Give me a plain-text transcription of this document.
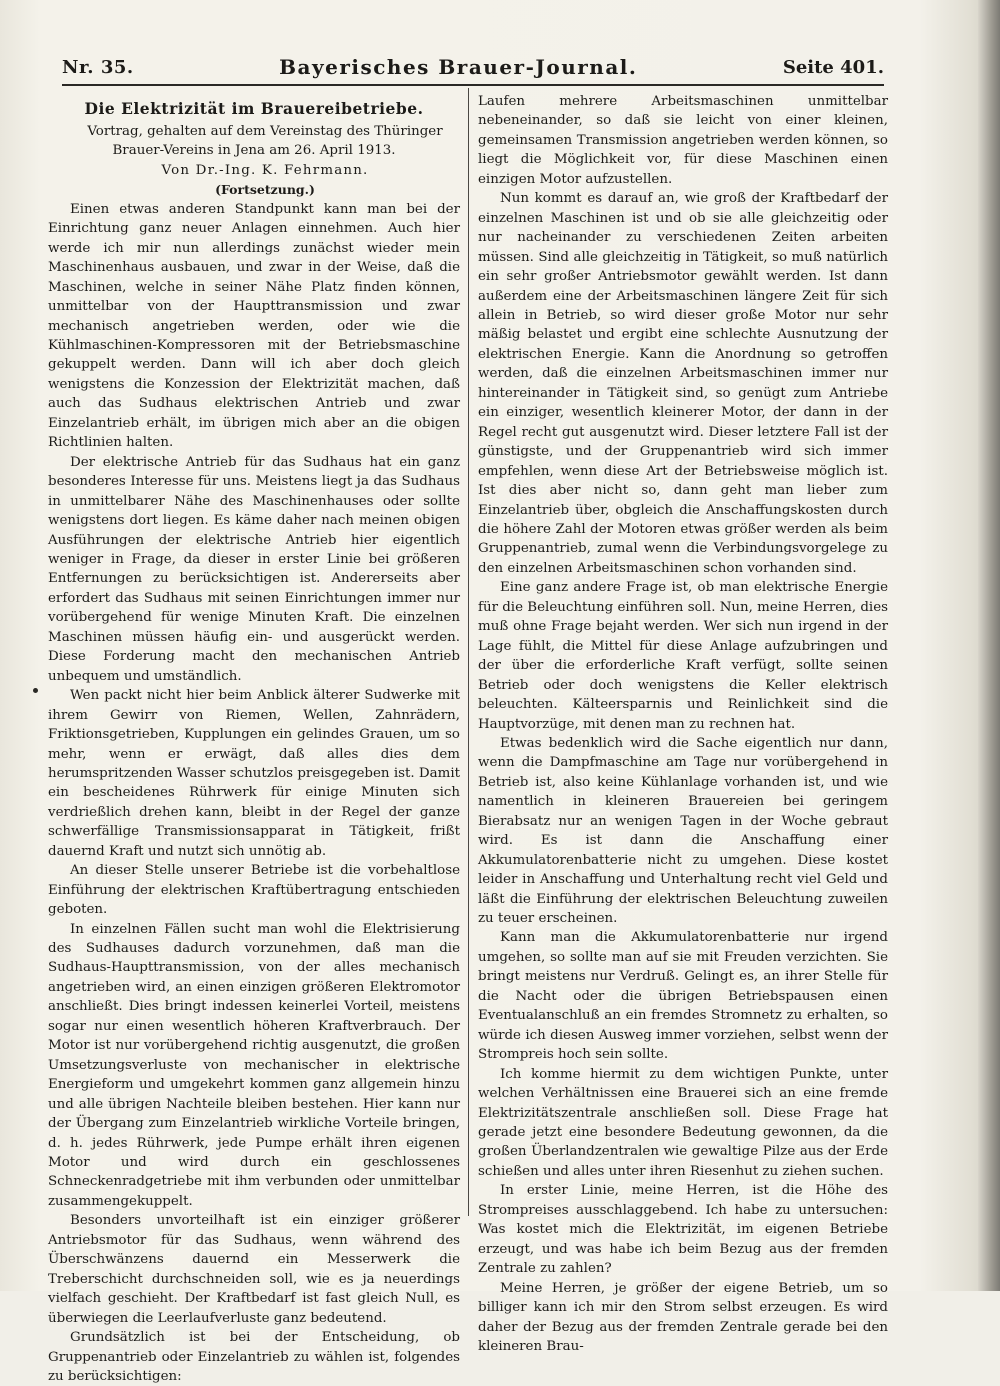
Nr. 35.	Bayerisches Brauer-Journal.	Seite 401.
Die Elektrizität im Brauereibetriebe.

Vortrag, gehalten auf dem Vereinstag des Thüringer Brauer-Vereins in Jena am 26. April 1913.

Von Dr.-Ing. K. Fehrmann.

(Fortsetzung.)

Einen etwas anderen Standpunkt kann man bei der Einrichtung ganz neuer Anlagen einnehmen. Auch hier werde ich mir nun allerdings zunächst wieder mein Maschinenhaus ausbauen, und zwar in der Weise, daß die Maschinen, welche in seiner Nähe Platz finden können, unmittelbar von der Haupttransmission und zwar mechanisch angetrieben werden, oder wie die Kühlmaschinen-Kompressoren mit der Betriebsmaschine gekuppelt werden. Dann will ich aber doch gleich wenigstens die Konzession der Elektrizität machen, daß auch das Sudhaus elektrischen Antrieb und zwar Einzelantrieb erhält, im übrigen mich aber an die obigen Richtlinien halten.

Der elektrische Antrieb für das Sudhaus hat ein ganz besonderes Interesse für uns. Meistens liegt ja das Sudhaus in unmittelbarer Nähe des Maschinenhauses oder sollte wenigstens dort liegen. Es käme daher nach meinen obigen Ausführungen der elektrische Antrieb hier eigentlich weniger in Frage, da dieser in erster Linie bei größeren Entfernungen zu berücksichtigen ist. Andererseits aber erfordert das Sudhaus mit seinen Einrichtungen immer nur vorübergehend für wenige Minuten Kraft. Die einzelnen Maschinen müssen häufig ein- und ausgerückt werden. Diese Forderung macht den mechanischen Antrieb unbequem und umständlich.

Wen packt nicht hier beim Anblick älterer Sudwerke mit ihrem Gewirr von Riemen, Wellen, Zahnrädern, Friktionsgetrieben, Kupplungen ein gelindes Grauen, um so mehr, wenn er erwägt, daß alles dies dem herumspritzenden Wasser schutzlos preisgegeben ist. Damit ein bescheidenes Rührwerk für einige Minuten sich verdrießlich drehen kann, bleibt in der Regel der ganze schwerfällige Transmissionsapparat in Tätigkeit, frißt dauernd Kraft und nutzt sich unnötig ab.

An dieser Stelle unserer Betriebe ist die vorbehaltlose Einführung der elektrischen Kraftübertragung entschieden geboten.

In einzelnen Fällen sucht man wohl die Elektrisierung des Sudhauses dadurch vorzunehmen, daß man die Sudhaus-Haupttransmission, von der alles mechanisch angetrieben wird, an einen einzigen größeren Elektromotor anschließt. Dies bringt indessen keinerlei Vorteil, meistens sogar nur einen wesentlich höheren Kraftverbrauch. Der Motor ist nur vorübergehend richtig ausgenutzt, die großen Umsetzungsverluste von mechanischer in elektrische Energieform und umgekehrt kommen ganz allgemein hinzu und alle übrigen Nachteile bleiben bestehen. Hier kann nur der Übergang zum Einzelantrieb wirkliche Vorteile bringen, d. h. jedes Rührwerk, jede Pumpe erhält ihren eigenen Motor und wird durch ein geschlossenes Schneckenradgetriebe mit ihm verbunden oder unmittelbar zusammengekuppelt.

Besonders unvorteilhaft ist ein einziger größerer Antriebsmotor für das Sudhaus, wenn während des Überschwänzens dauernd ein Messerwerk die Treberschicht durchschneiden soll, wie es ja neuerdings vielfach geschieht. Der Kraftbedarf ist fast gleich Null, es überwiegen die Leerlaufverluste ganz bedeutend.

Grundsätzlich ist bei der Entscheidung, ob Gruppenantrieb oder Einzelantrieb zu wählen ist, folgendes zu berücksichtigen:

Laufen mehrere Arbeitsmaschinen unmittelbar nebeneinander, so daß sie leicht von einer kleinen, gemeinsamen Transmission angetrieben werden können, so liegt die Möglichkeit vor, für diese Maschinen einen einzigen Motor aufzustellen.

Nun kommt es darauf an, wie groß der Kraftbedarf der einzelnen Maschinen ist und ob sie alle gleichzeitig oder nur nacheinander zu verschiedenen Zeiten arbeiten müssen. Sind alle gleichzeitig in Tätigkeit, so muß natürlich ein sehr großer Antriebsmotor gewählt werden. Ist dann außerdem eine der Arbeitsmaschinen längere Zeit für sich allein in Betrieb, so wird dieser große Motor nur sehr mäßig belastet und ergibt eine schlechte Ausnutzung der elektrischen Energie. Kann die Anordnung so getroffen werden, daß die einzelnen Arbeitsmaschinen immer nur hintereinander in Tätigkeit sind, so genügt zum Antriebe ein einziger, wesentlich kleinerer Motor, der dann in der Regel recht gut ausgenutzt wird. Dieser letztere Fall ist der günstigste, und der Gruppenantrieb wird sich immer empfehlen, wenn diese Art der Betriebsweise möglich ist. Ist dies aber nicht so, dann geht man lieber zum Einzelantrieb über, obgleich die Anschaffungskosten durch die höhere Zahl der Motoren etwas größer werden als beim Gruppenantrieb, zumal wenn die Verbindungsvorgelege zu den einzelnen Arbeitsmaschinen schon vorhanden sind.

Eine ganz andere Frage ist, ob man elektrische Energie für die Beleuchtung einführen soll. Nun, meine Herren, dies muß ohne Frage bejaht werden. Wer sich nun irgend in der Lage fühlt, die Mittel für diese Anlage aufzubringen und der über die erforderliche Kraft verfügt, sollte seinen Betrieb oder doch wenigstens die Keller elektrisch beleuchten. Kälteersparnis und Reinlichkeit sind die Hauptvorzüge, mit denen man zu rechnen hat.

Etwas bedenklich wird die Sache eigentlich nur dann, wenn die Dampfmaschine am Tage nur vorübergehend in Betrieb ist, also keine Kühlanlage vorhanden ist, und wie namentlich in kleineren Brauereien bei geringem Bierabsatz nur an wenigen Tagen in der Woche gebraut wird. Es ist dann die Anschaffung einer Akkumulatorenbatterie nicht zu umgehen. Diese kostet leider in Anschaffung und Unterhaltung recht viel Geld und läßt die Einführung der elektrischen Beleuchtung zuweilen zu teuer erscheinen.

Kann man die Akkumulatorenbatterie nur irgend umgehen, so sollte man auf sie mit Freuden verzichten. Sie bringt meistens nur Verdruß. Gelingt es, an ihrer Stelle für die Nacht oder die übrigen Betriebspausen einen Eventualanschluß an ein fremdes Stromnetz zu erhalten, so würde ich diesen Ausweg immer vorziehen, selbst wenn der Strompreis hoch sein sollte.

Ich komme hiermit zu dem wichtigen Punkte, unter welchen Verhältnissen eine Brauerei sich an eine fremde Elektrizitätszentrale anschließen soll. Diese Frage hat gerade jetzt eine besondere Bedeutung gewonnen, da die großen Überlandzentralen wie gewaltige Pilze aus der Erde schießen und alles unter ihren Riesenhut zu ziehen suchen.

In erster Linie, meine Herren, ist die Höhe des Strompreises ausschlaggebend. Ich habe zu untersuchen: Was kostet mich die Elektrizität, im eigenen Betriebe erzeugt, und was habe ich beim Bezug aus der fremden Zentrale zu zahlen?

Meine Herren, je größer der eigene Betrieb, um so billiger kann ich mir den Strom selbst erzeugen. Es wird daher der Bezug aus der fremden Zentrale gerade bei den kleineren Brau-
